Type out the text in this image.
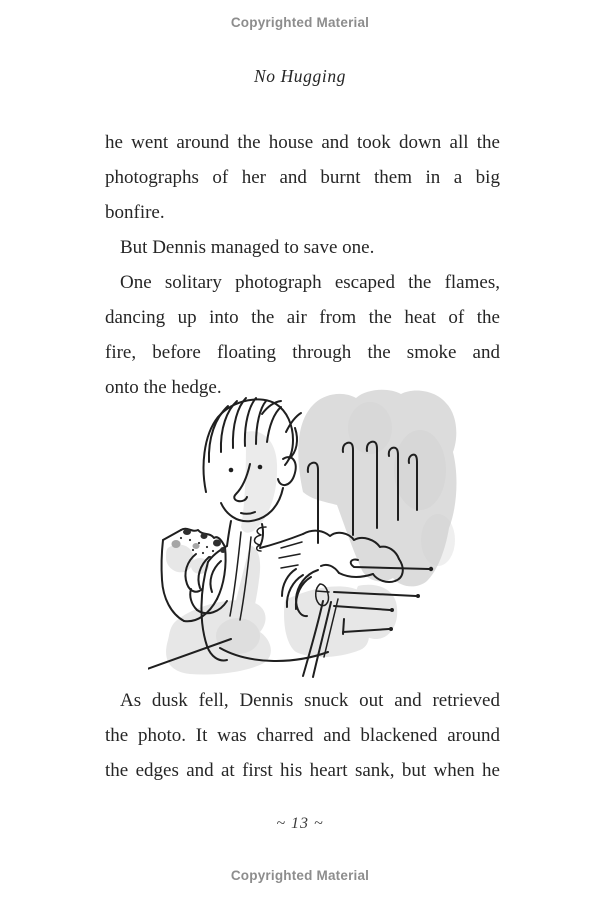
Copyrighted Material
No Hugging
he went around the house and took down all the
photographs of her and burnt them in a big
bonfire.
But Dennis managed to save one.
One solitary photograph escaped the flames,
dancing up into the air from the heat of the
fire, before floating through the smoke and
onto the hedge.
As dusk fell, Dennis snuck out and retrieved
the photo. It was charred and blackened around
the edges and at first his heart sank, but when he
~ 13 ~
Copyrighted Material
